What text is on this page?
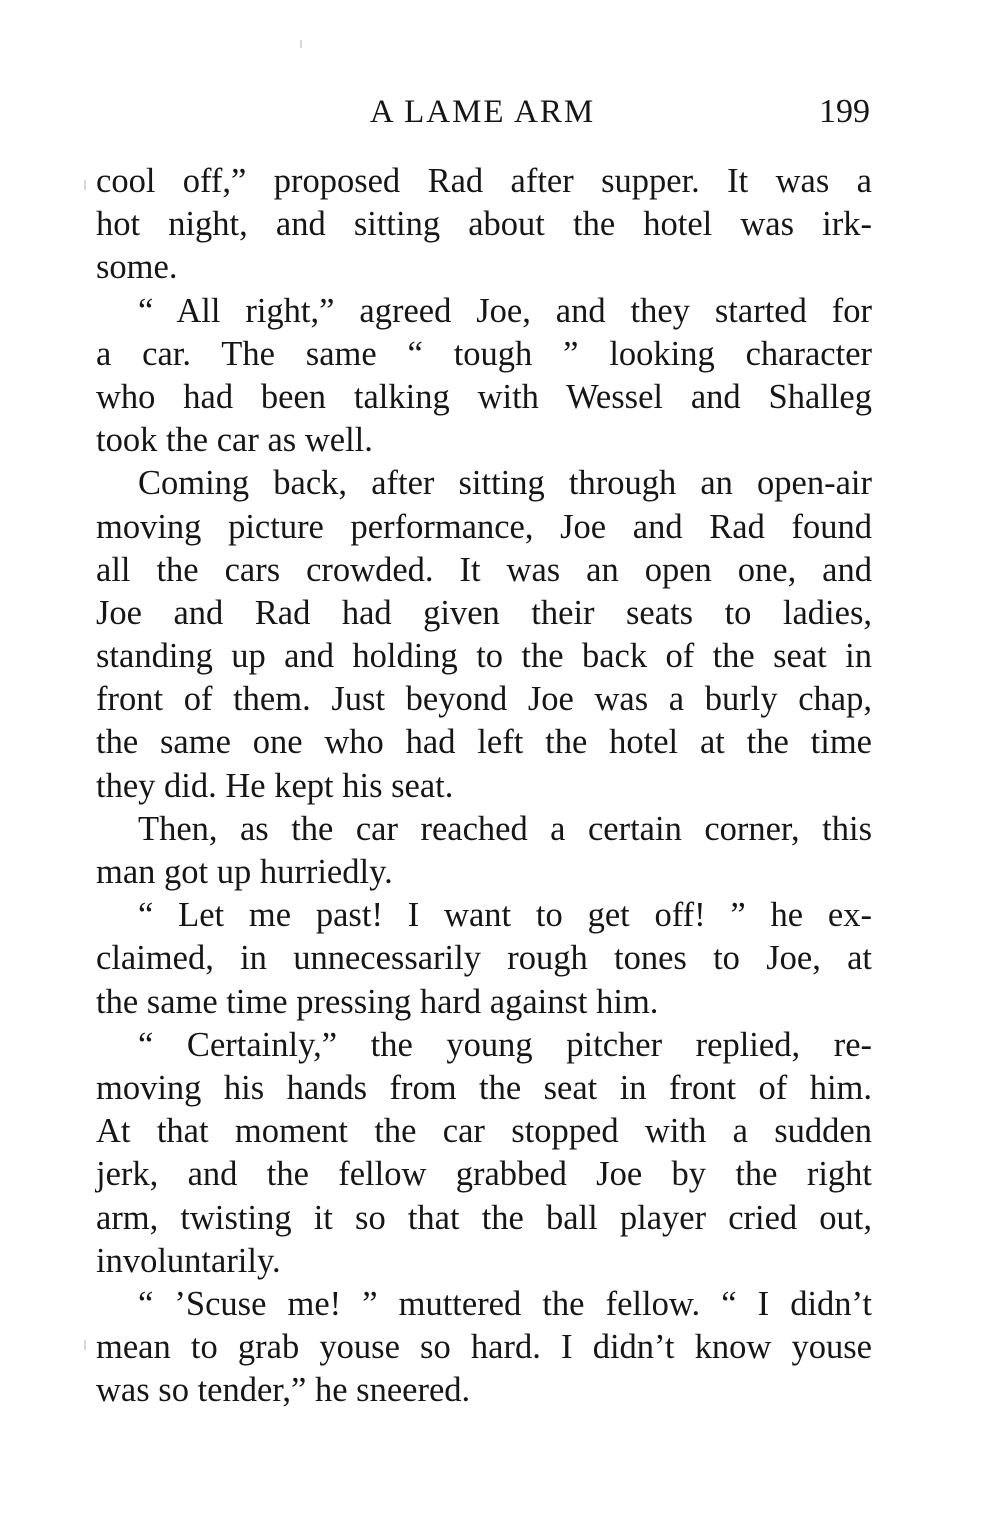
A LAME ARM	199
cool off,” proposed Rad after supper. It was a
hot night, and sitting about the hotel was irk-
some.
“ All right,” agreed Joe, and they started for
a car. The same “ tough ” looking character
who had been talking with Wessel and Shalleg
took the car as well.
Coming back, after sitting through an open-air
moving picture performance, Joe and Rad found
all the cars crowded. It was an open one, and
Joe and Rad had given their seats to ladies,
standing up and holding to the back of the seat in
front of them. Just beyond Joe was a burly chap,
the same one who had left the hotel at the time
they did. He kept his seat.
Then, as the car reached a certain corner, this
man got up hurriedly.
“ Let me past! I want to get off! ” he ex-
claimed, in unnecessarily rough tones to Joe, at
the same time pressing hard against him.
“ Certainly,” the young pitcher replied, re-
moving his hands from the seat in front of him.
At that moment the car stopped with a sudden
jerk, and the fellow grabbed Joe by the right
arm, twisting it so that the ball player cried out,
involuntarily.
“ ’Scuse me! ” muttered the fellow. “ I didn’t
mean to grab youse so hard. I didn’t know youse
was so tender,” he sneered.
